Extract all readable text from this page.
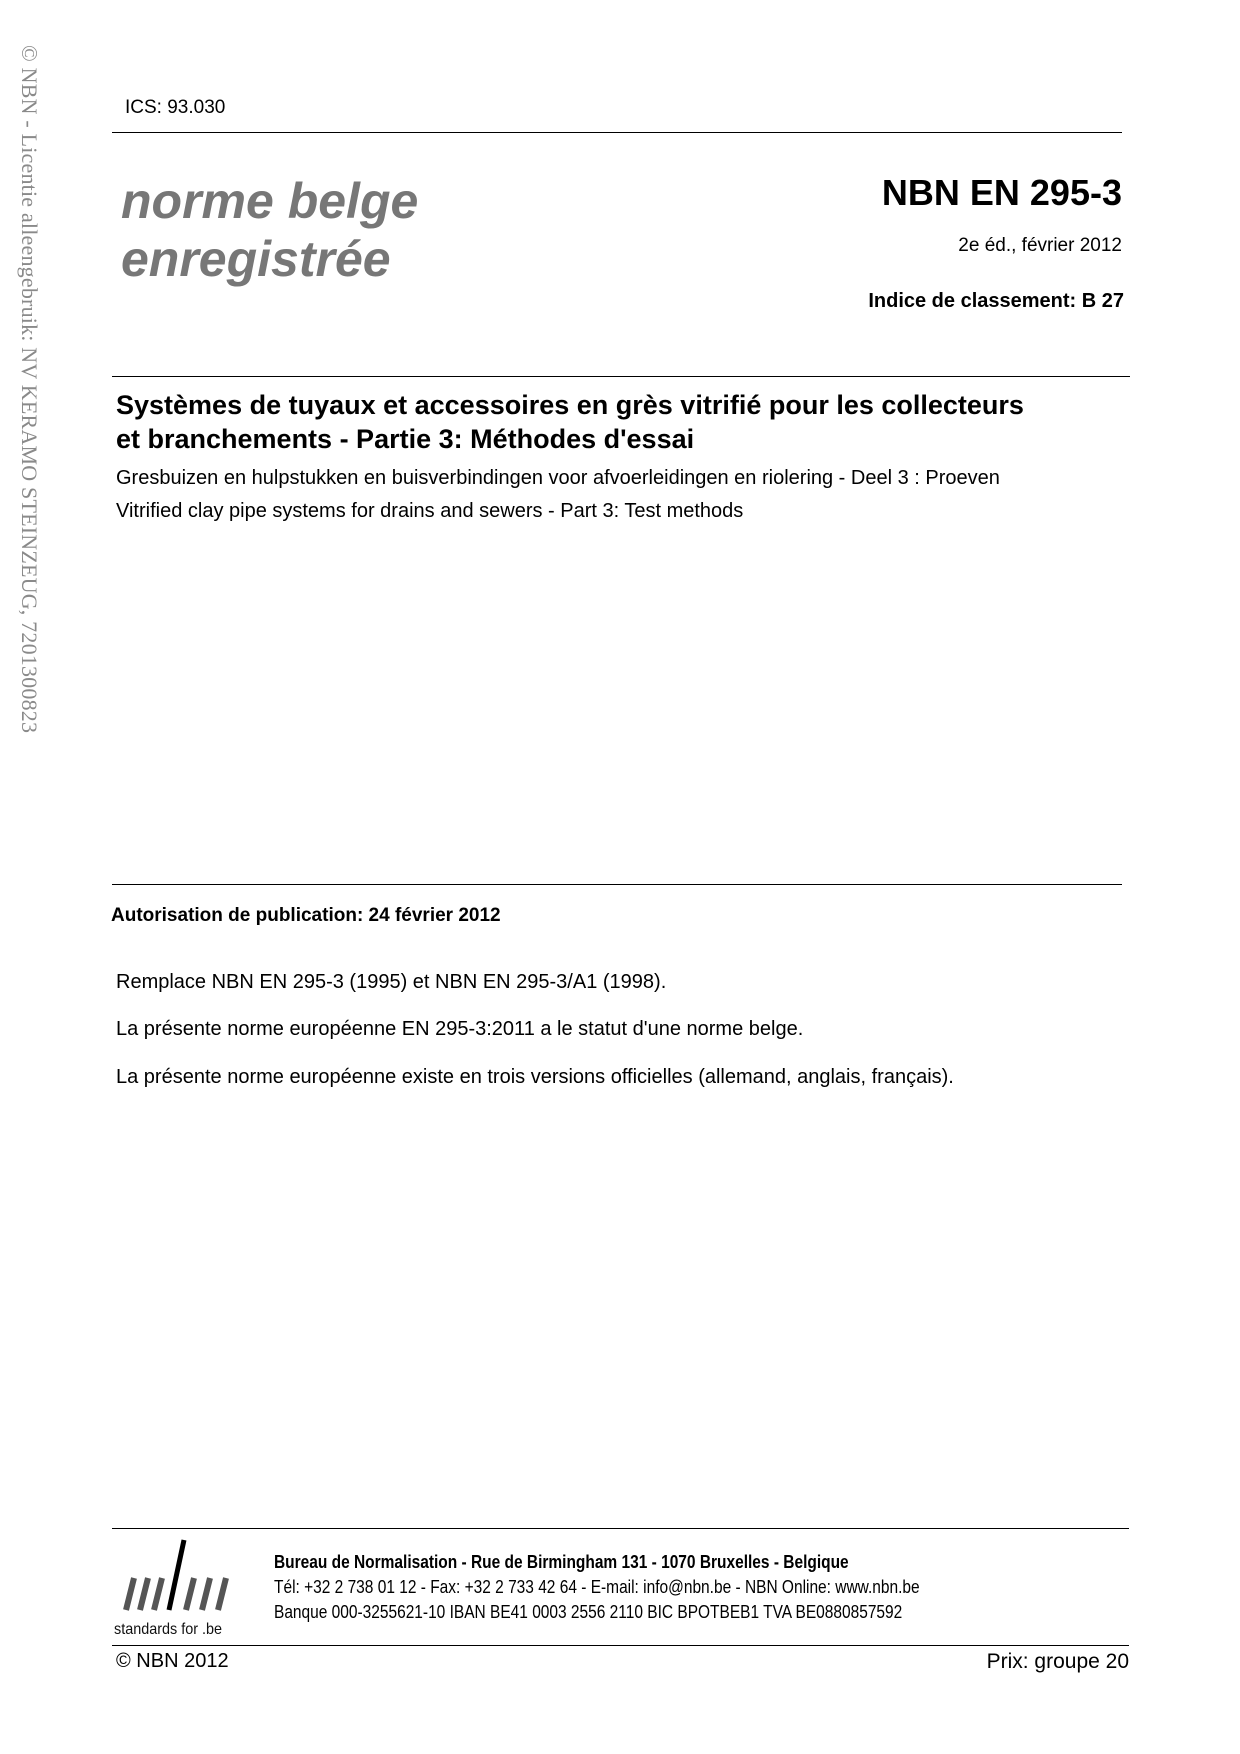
© NBN - Licentie alleengebruik: NV KERAMO STEINZEUG, 7201300823	ICS: 93.030
norme belge
enregistrée
NBN EN 295-3
2e éd., février 2012
Indice de classement: B 27
Systèmes de tuyaux et accessoires en grès vitrifié pour les collecteurs
et branchements - Partie 3: Méthodes d'essai
Gresbuizen en hulpstukken en buisverbindingen voor afvoerleidingen en riolering - Deel 3 : Proeven
Vitrified clay pipe systems for drains and sewers - Part 3: Test methods
Autorisation de publication: 24 février 2012
Remplace NBN EN 295-3 (1995) et NBN EN 295-3/A1 (1998).
La présente norme européenne EN 295-3:2011 a le statut d'une norme belge.
La présente norme européenne existe en trois versions officielles (allemand, anglais, français).
standards for .be
Bureau de Normalisation - Rue de Birmingham 131 - 1070 Bruxelles - Belgique
Tél: +32 2 738 01 12 - Fax: +32 2 733 42 64 - E-mail: info@nbn.be - NBN Online: www.nbn.be
Banque 000-3255621-10 IBAN BE41 0003 2556 2110 BIC BPOTBEB1 TVA BE0880857592
© NBN 2012	Prix: groupe 20
